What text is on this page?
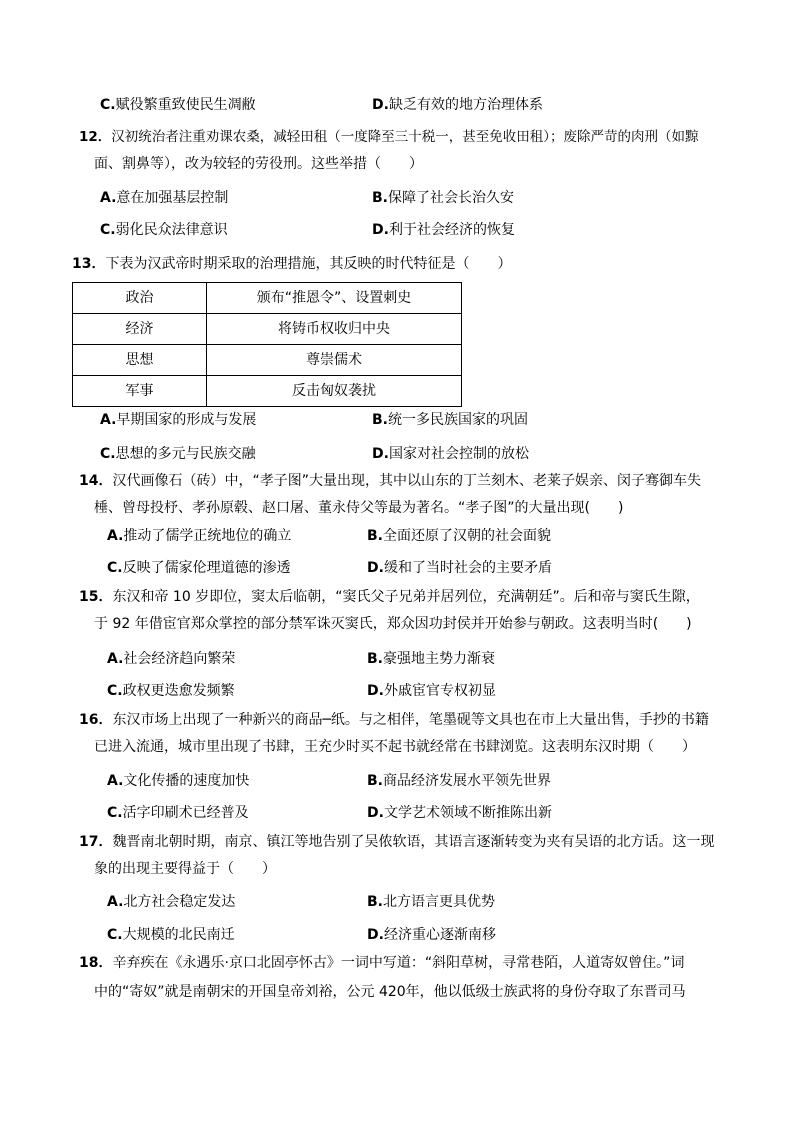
C.赋役繁重致使民生凋敝	D.缺乏有效的地方治理体系
12．汉初统治者注重劝课农桑，减轻田租（一度降至三十税一，甚至免收田租）；废除严苛的肉刑（如黥
面、割鼻等），改为较轻的劳役刑。这些举措（　　）
A.意在加强基层控制	B.保障了社会长治久安
C.弱化民众法律意识	D.利于社会经济的恢复
13．下表为汉武帝时期采取的治理措施，其反映的时代特征是（　　）
政治	颁布“推恩令”、设置刺史
经济	将铸币权收归中央
思想	尊崇儒术
军事	反击匈奴袭扰
A.早期国家的形成与发展	B.统一多民族国家的巩固
C.思想的多元与民族交融	D.国家对社会控制的放松
14．汉代画像石（砖）中，“孝子图”大量出现，其中以山东的丁兰刻木、老莱子娱亲、闵子骞御车失
棰、曾母投杼、孝孙原毂、赵口屠、董永侍父等最为著名。“孝子图”的大量出现(　　)
A.推动了儒学正统地位的确立	B.全面还原了汉朝的社会面貌
C.反映了儒家伦理道德的渗透	D.缓和了当时社会的主要矛盾
15．东汉和帝 10 岁即位，窦太后临朝，“窦氏父子兄弟并居列位，充满朝廷”。后和帝与窦氏生隙，
于 92 年借宦官郑众掌控的部分禁军诛灭窦氏，郑众因功封侯并开始参与朝政。这表明当时(　　)
A.社会经济趋向繁荣	B.豪强地主势力渐衰
C.政权更迭愈发频繁	D.外戚宦官专权初显
16．东汉市场上出现了一种新兴的商品─纸。与之相伴，笔墨砚等文具也在市上大量出售，手抄的书籍
已进入流通，城市里出现了书肆，王充少时买不起书就经常在书肆浏览。这表明东汉时期（　　）
A.文化传播的速度加快	B.商品经济发展水平领先世界
C.活字印刷术已经普及	D.文学艺术领域不断推陈出新
17．魏晋南北朝时期，南京、镇江等地告别了吴侬软语，其语言逐渐转变为夹有吴语的北方话。这一现
象的出现主要得益于（　　）
A.北方社会稳定发达	B.北方语言更具优势
C.大规模的北民南迁	D.经济重心逐渐南移
18．辛弃疾在《永遇乐·京口北固亭怀古》一词中写道：“斜阳草树，寻常巷陌，人道寄奴曾住。”词
中的“寄奴”就是南朝宋的开国皇帝刘裕，公元 420年，他以低级士族武将的身份夺取了东晋司马
